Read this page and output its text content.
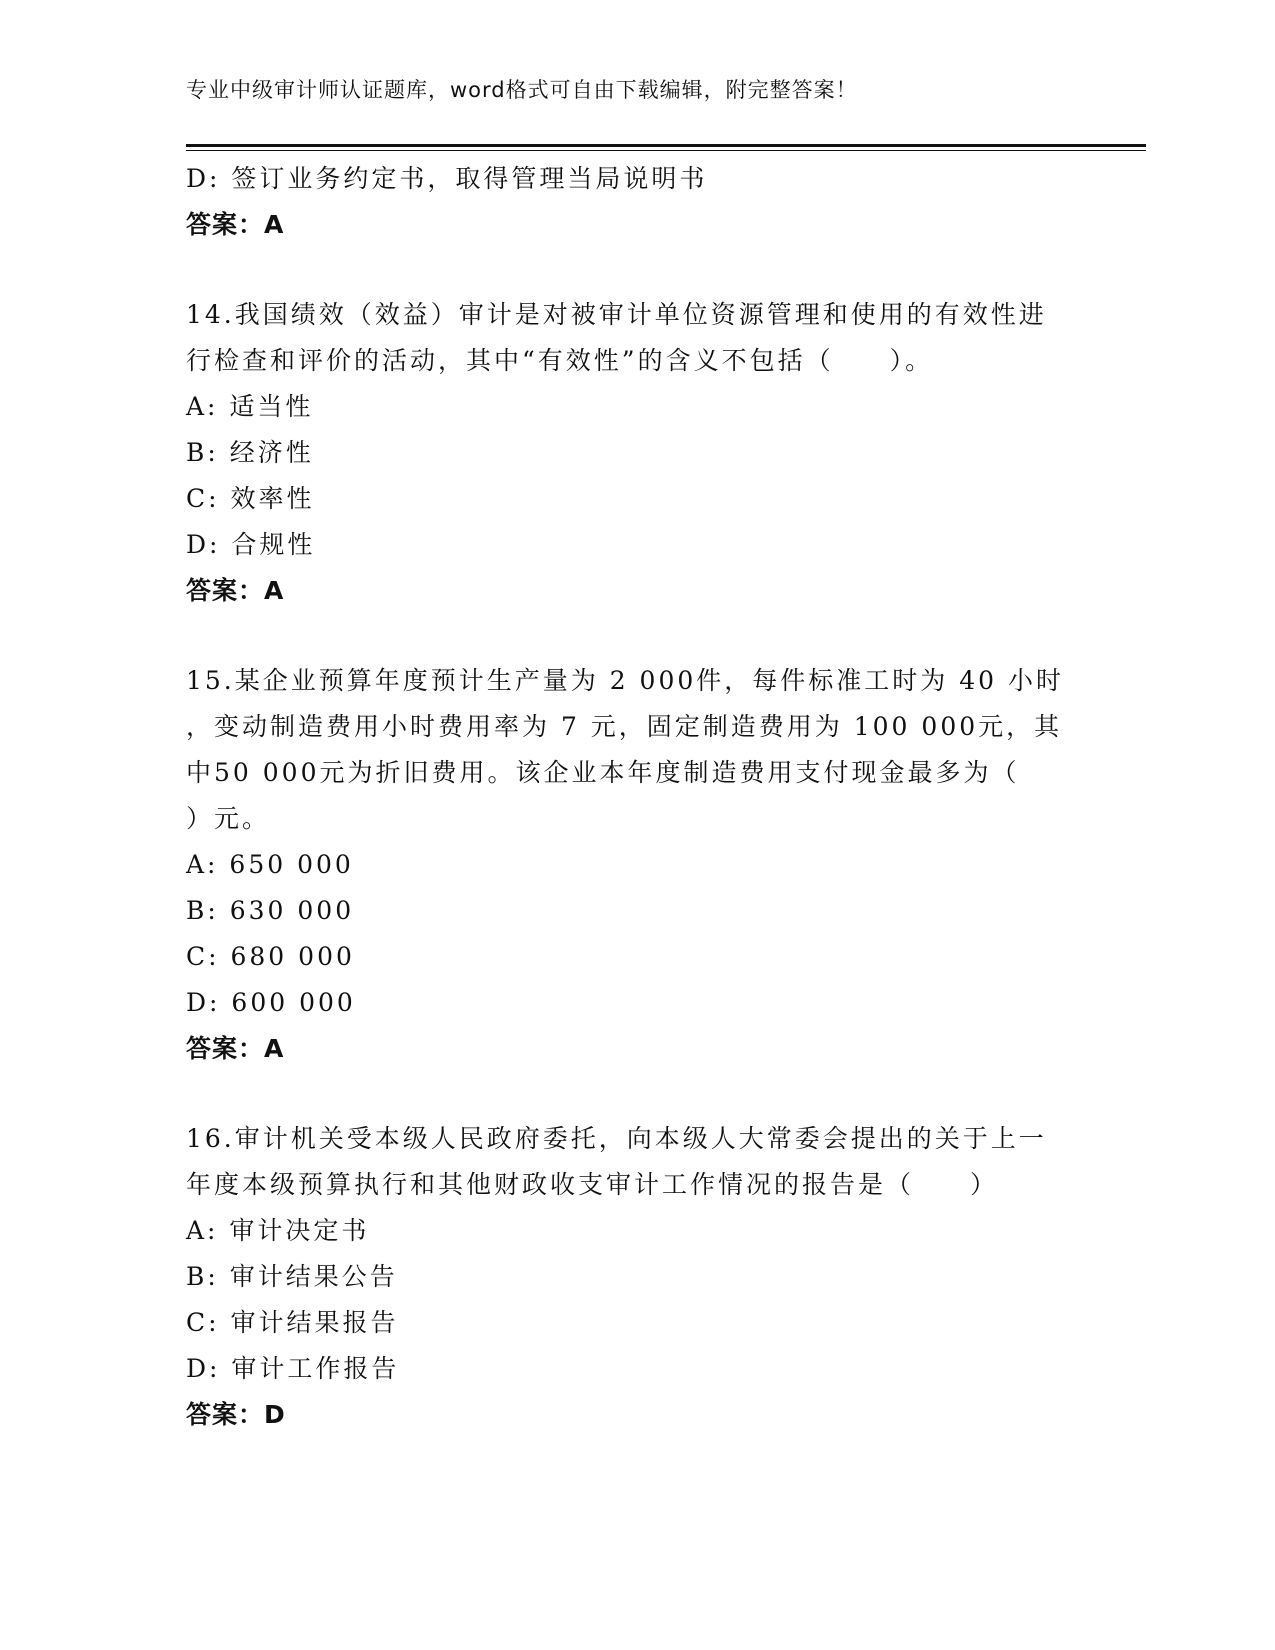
专业中级审计师认证题库，word格式可自由下载编辑，附完整答案！
D: 签订业务约定书，取得管理当局说明书
答案：A
14.我国绩效（效益）审计是对被审计单位资源管理和使用的有效性进
行检查和评价的活动，其中“有效性”的含义不包括（　　）。
A: 适当性
B: 经济性
C: 效率性
D: 合规性
答案：A
15.某企业预算年度预计生产量为 2 000件，每件标准工时为 40 小时
，变动制造费用小时费用率为 7 元，固定制造费用为 100 000元，其
中50 000元为折旧费用。该企业本年度制造费用支付现金最多为（
）元。
A: 650 000
B: 630 000
C: 680 000
D: 600 000
答案：A
16.审计机关受本级人民政府委托，向本级人大常委会提出的关于上一
年度本级预算执行和其他财政收支审计工作情况的报告是（　　）
A: 审计决定书
B: 审计结果公告
C: 审计结果报告
D: 审计工作报告
答案：D
